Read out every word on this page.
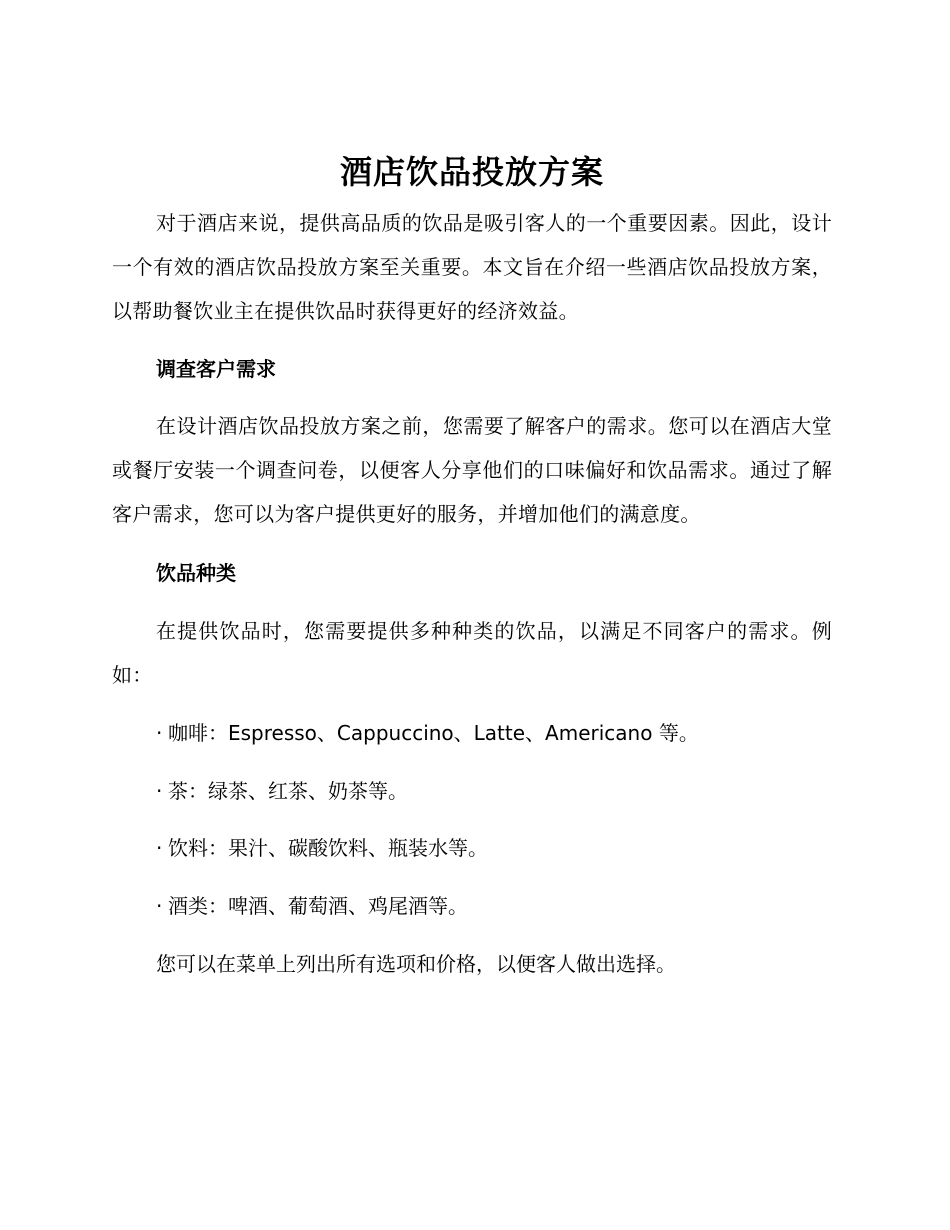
酒店饮品投放方案

对于酒店来说，提供高品质的饮品是吸引客人的一个重要因素。因此，设计一个有效的酒店饮品投放方案至关重要。本文旨在介绍一些酒店饮品投放方案，以帮助餐饮业主在提供饮品时获得更好的经济效益。

调查客户需求

在设计酒店饮品投放方案之前，您需要了解客户的需求。您可以在酒店大堂或餐厅安装一个调查问卷，以便客人分享他们的口味偏好和饮品需求。通过了解客户需求，您可以为客户提供更好的服务，并增加他们的满意度。

饮品种类

在提供饮品时，您需要提供多种种类的饮品，以满足不同客户的需求。例如：

· 咖啡：Espresso、Cappuccino、Latte、Americano 等。

· 茶：绿茶、红茶、奶茶等。

· 饮料：果汁、碳酸饮料、瓶装水等。

· 酒类：啤酒、葡萄酒、鸡尾酒等。

您可以在菜单上列出所有选项和价格，以便客人做出选择。
